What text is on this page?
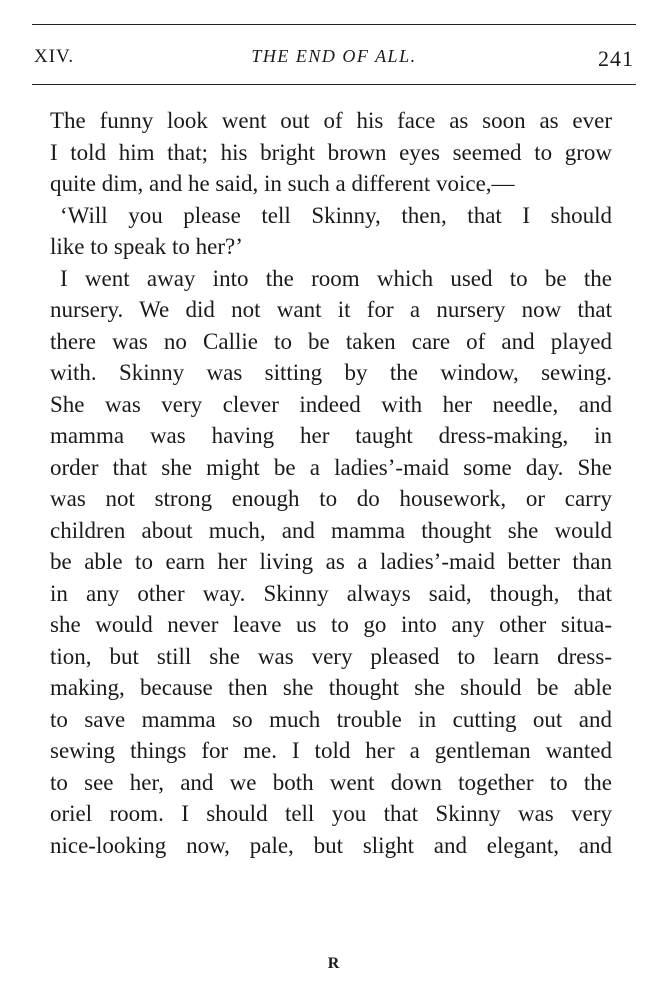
XIV.	THE END OF ALL.	241
The funny look went out of his face as soon as ever
I told him that; his bright brown eyes seemed to grow
quite dim, and he said, in such a different voice,—
‘Will you please tell Skinny, then, that I should
like to speak to her?’
I went away into the room which used to be the
nursery. We did not want it for a nursery now that
there was no Callie to be taken care of and played
with. Skinny was sitting by the window, sewing.
She was very clever indeed with her needle, and
mamma was having her taught dress-making, in
order that she might be a ladies’-maid some day. She
was not strong enough to do housework, or carry
children about much, and mamma thought she would
be able to earn her living as a ladies’-maid better than
in any other way. Skinny always said, though, that
she would never leave us to go into any other situa-
tion, but still she was very pleased to learn dress-
making, because then she thought she should be able
to save mamma so much trouble in cutting out and
sewing things for me. I told her a gentleman wanted
to see her, and we both went down together to the
oriel room. I should tell you that Skinny was very
nice-looking now, pale, but slight and elegant, and
R
